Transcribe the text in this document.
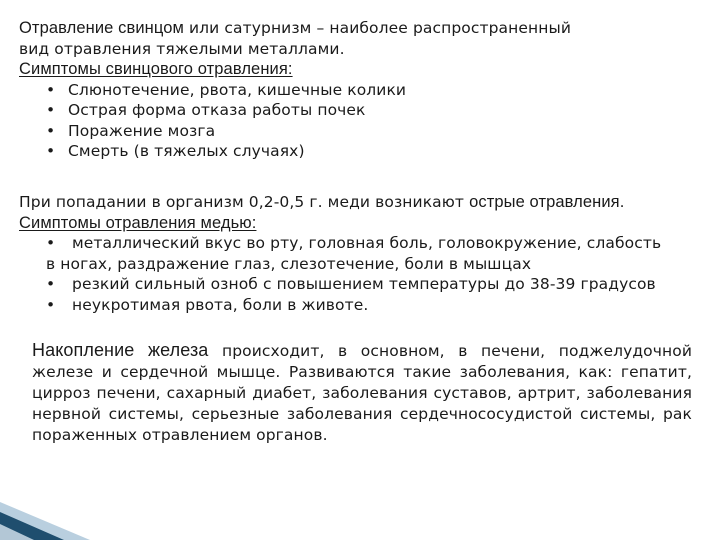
Отравление свинцом или сатурнизм – наиболее распространенный
вид отравления тяжелыми металлами.
Симптомы свинцового отравления:
• Слюнотечение, рвота, кишечные колики
• Острая форма отказа работы почек
• Поражение мозга
• Смерть (в тяжелых случаях)
При попадании в организм 0,2-0,5 г. меди возникают острые отравления.
Симптомы отравления медью:
• металлический вкус во рту, головная боль, головокружение, слабость
в ногах, раздражение глаз, слезотечение, боли в мышцах
• резкий сильный озноб с повышением температуры до 38-39 градусов
• неукротимая рвота, боли в животе.
Накопление железа происходит, в основном, в печени, поджелудочной железе и сердечной мышце. Развиваются такие заболевания, как: гепатит, цирроз печени, сахарный диабет, заболевания суставов, артрит, заболевания нервной системы, серьезные заболевания сердечнососудистой системы, рак пораженных отравлением органов.
